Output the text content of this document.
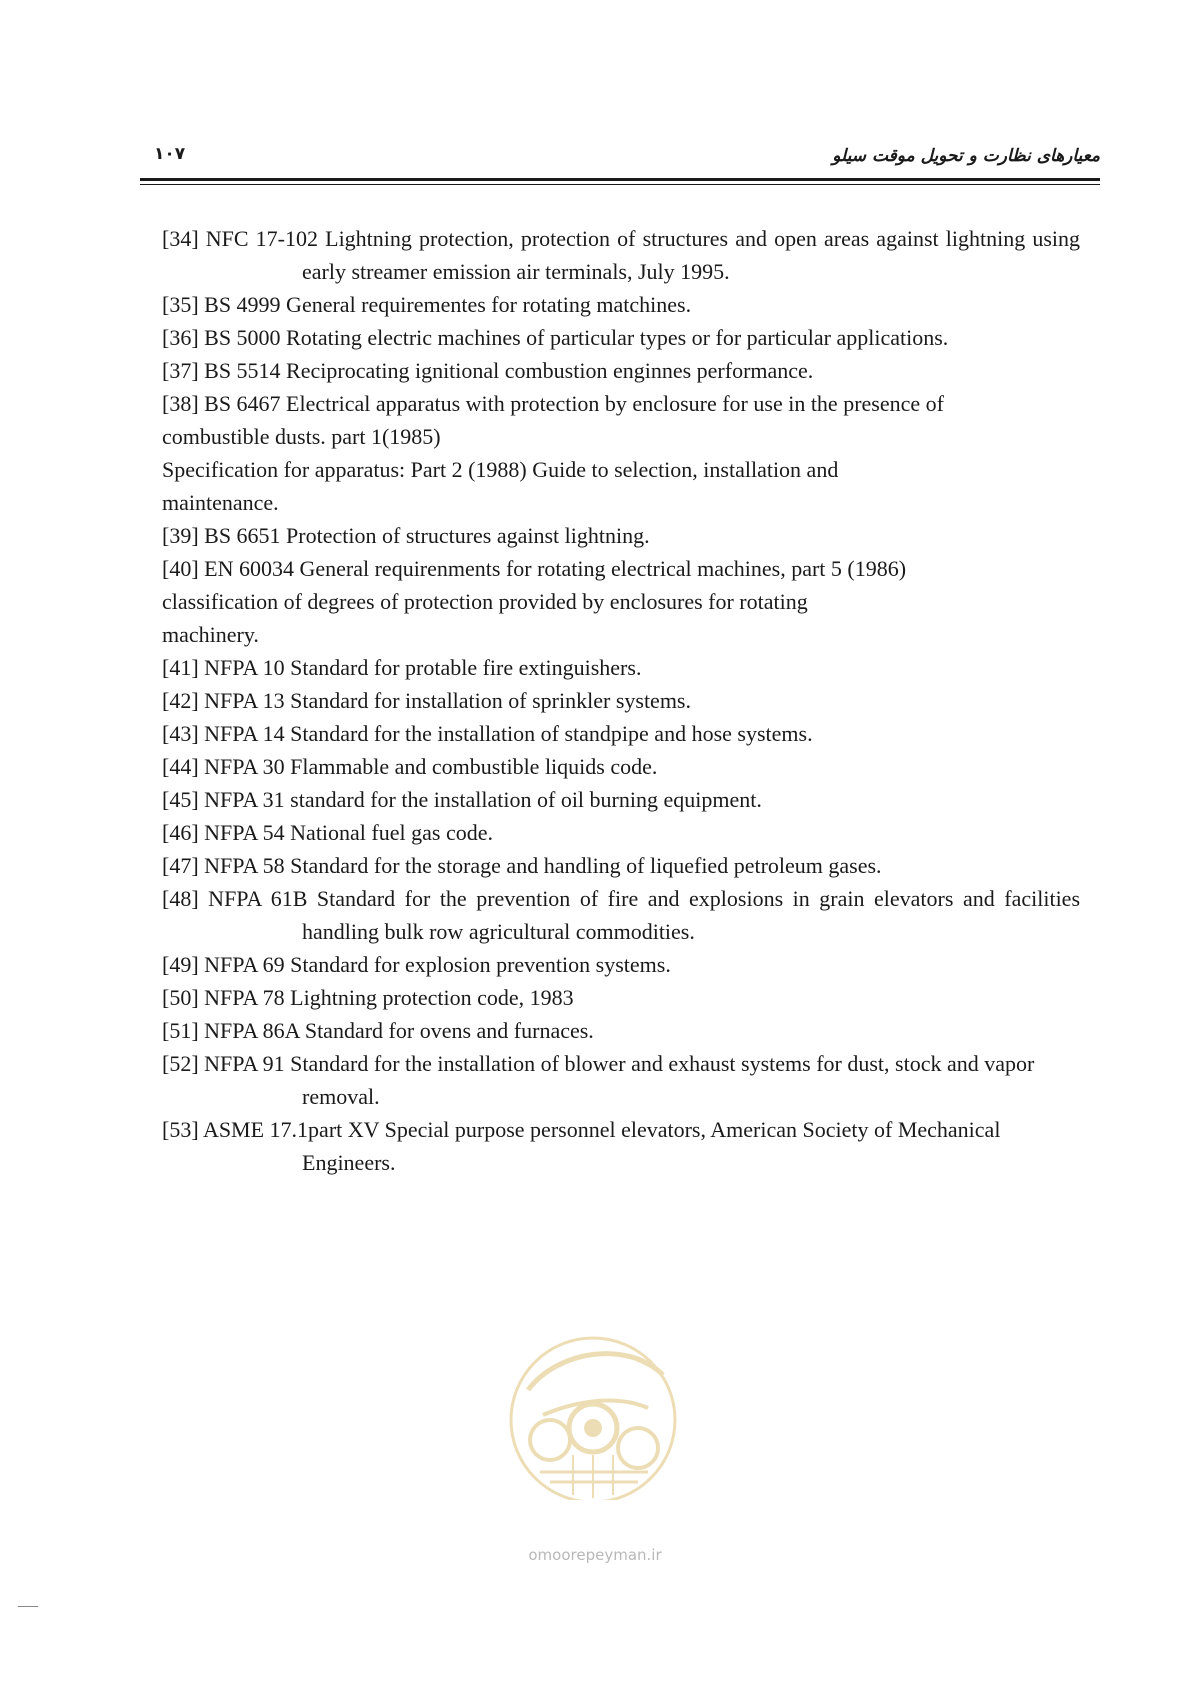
۱۰۷	معیارهای نظارت و تحویل موقت سیلو

[34] NFC 17-102 Lightning protection, protection of structures and open areas against lightning using early streamer emission air terminals, July 1995.

[35] BS 4999 General requirementes for rotating matchines.

[36] BS 5000 Rotating electric machines of particular types or for particular applications.

[37] BS 5514 Reciprocating ignitional combustion enginnes performance.

[38] BS 6467 Electrical apparatus with protection by enclosure for use in the presence of
combustible dusts. part 1(1985)
Specification for apparatus: Part 2 (1988) Guide to selection, installation and
maintenance.

[39] BS 6651 Protection of structures against lightning.

[40] EN 60034 General requirenments for rotating electrical machines, part 5 (1986)
classification of degrees of protection provided by enclosures for rotating
machinery.

[41] NFPA 10 Standard for protable fire extinguishers.

[42] NFPA 13 Standard for installation of sprinkler systems.

[43] NFPA 14 Standard for the installation of standpipe and hose systems.

[44] NFPA 30 Flammable and combustible liquids code.

[45] NFPA 31 standard for the installation of oil burning equipment.

[46] NFPA 54 National fuel gas code.

[47] NFPA 58 Standard for the storage and handling of liquefied petroleum gases.

[48] NFPA 61B Standard for the prevention of fire and explosions in grain elevators and facilities handling bulk row agricultural commodities.

[49] NFPA 69 Standard for explosion prevention systems.

[50] NFPA 78 Lightning protection code, 1983

[51] NFPA 86A Standard for ovens and furnaces.

[52] NFPA 91 Standard for the installation of blower and exhaust systems for dust, stock and vapor removal.

[53] ASME 17.1part XV Special purpose personnel elevators, American Society of Mechanical Engineers.

omoorepeyman.ir
